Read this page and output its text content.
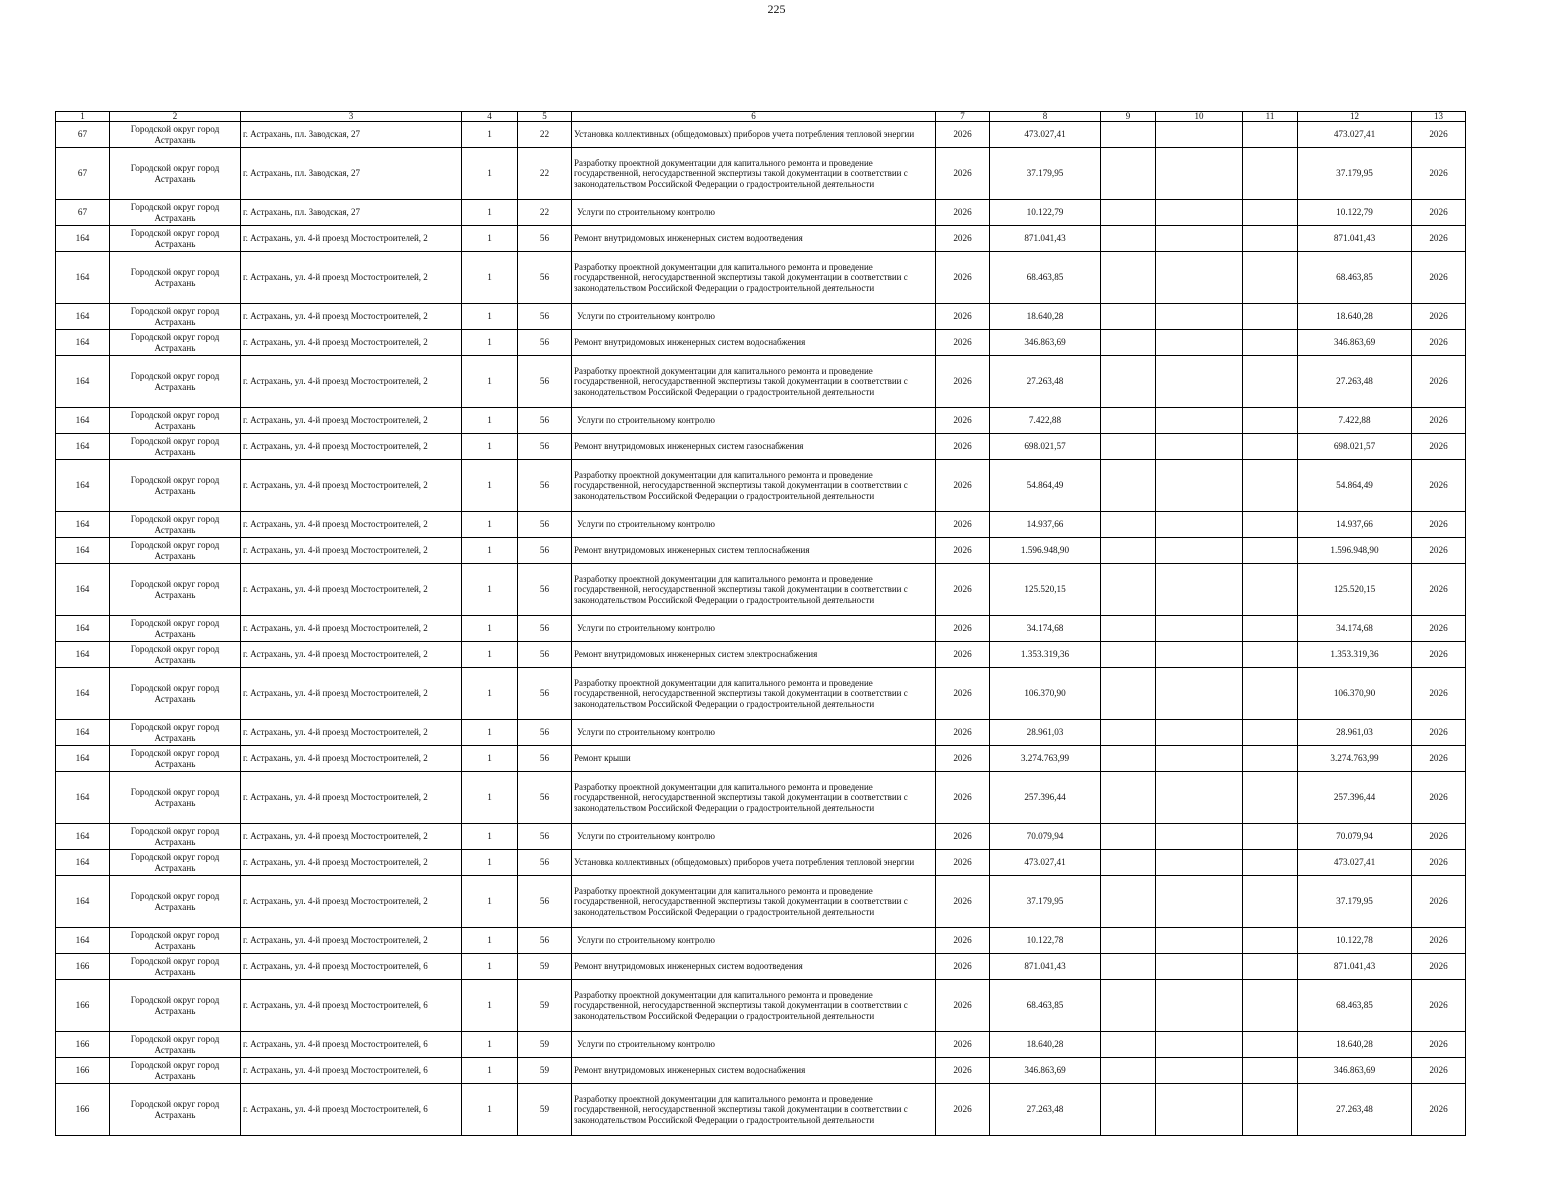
225
1	2	3	4	5	6	7	8	9	10	11	12	13
67	Городской округ город Астрахань	г. Астрахань, пл. Заводская, 27	1	22	Установка коллективных (общедомовых) приборов учета потребления тепловой энергии	2026	473.027,41				473.027,41	2026
67	Городской округ город Астрахань	г. Астрахань, пл. Заводская, 27	1	22	Разработку проектной документации для капитального ремонта и проведение государственной, негосударственной экспертизы такой документации в соответствии с законодательством Российской Федерации о градостроительной деятельности	2026	37.179,95				37.179,95	2026
67	Городской округ город Астрахань	г. Астрахань, пл. Заводская, 27	1	22	Услуги по строительному контролю	2026	10.122,79				10.122,79	2026
164	Городской округ город Астрахань	г. Астрахань, ул. 4-й проезд Мостостроителей, 2	1	56	Ремонт внутридомовых инженерных систем водоотведения	2026	871.041,43				871.041,43	2026
164	Городской округ город Астрахань	г. Астрахань, ул. 4-й проезд Мостостроителей, 2	1	56	Разработку проектной документации для капитального ремонта и проведение государственной, негосударственной экспертизы такой документации в соответствии с законодательством Российской Федерации о градостроительной деятельности	2026	68.463,85				68.463,85	2026
164	Городской округ город Астрахань	г. Астрахань, ул. 4-й проезд Мостостроителей, 2	1	56	Услуги по строительному контролю	2026	18.640,28				18.640,28	2026
164	Городской округ город Астрахань	г. Астрахань, ул. 4-й проезд Мостостроителей, 2	1	56	Ремонт внутридомовых инженерных систем водоснабжения	2026	346.863,69				346.863,69	2026
164	Городской округ город Астрахань	г. Астрахань, ул. 4-й проезд Мостостроителей, 2	1	56	Разработку проектной документации для капитального ремонта и проведение государственной, негосударственной экспертизы такой документации в соответствии с законодательством Российской Федерации о градостроительной деятельности	2026	27.263,48				27.263,48	2026
164	Городской округ город Астрахань	г. Астрахань, ул. 4-й проезд Мостостроителей, 2	1	56	Услуги по строительному контролю	2026	7.422,88				7.422,88	2026
164	Городской округ город Астрахань	г. Астрахань, ул. 4-й проезд Мостостроителей, 2	1	56	Ремонт внутридомовых инженерных систем газоснабжения	2026	698.021,57				698.021,57	2026
164	Городской округ город Астрахань	г. Астрахань, ул. 4-й проезд Мостостроителей, 2	1	56	Разработку проектной документации для капитального ремонта и проведение государственной, негосударственной экспертизы такой документации в соответствии с законодательством Российской Федерации о градостроительной деятельности	2026	54.864,49				54.864,49	2026
164	Городской округ город Астрахань	г. Астрахань, ул. 4-й проезд Мостостроителей, 2	1	56	Услуги по строительному контролю	2026	14.937,66				14.937,66	2026
164	Городской округ город Астрахань	г. Астрахань, ул. 4-й проезд Мостостроителей, 2	1	56	Ремонт внутридомовых инженерных систем теплоснабжения	2026	1.596.948,90				1.596.948,90	2026
164	Городской округ город Астрахань	г. Астрахань, ул. 4-й проезд Мостостроителей, 2	1	56	Разработку проектной документации для капитального ремонта и проведение государственной, негосударственной экспертизы такой документации в соответствии с законодательством Российской Федерации о градостроительной деятельности	2026	125.520,15				125.520,15	2026
164	Городской округ город Астрахань	г. Астрахань, ул. 4-й проезд Мостостроителей, 2	1	56	Услуги по строительному контролю	2026	34.174,68				34.174,68	2026
164	Городской округ город Астрахань	г. Астрахань, ул. 4-й проезд Мостостроителей, 2	1	56	Ремонт внутридомовых инженерных систем электроснабжения	2026	1.353.319,36				1.353.319,36	2026
164	Городской округ город Астрахань	г. Астрахань, ул. 4-й проезд Мостостроителей, 2	1	56	Разработку проектной документации для капитального ремонта и проведение государственной, негосударственной экспертизы такой документации в соответствии с законодательством Российской Федерации о градостроительной деятельности	2026	106.370,90				106.370,90	2026
164	Городской округ город Астрахань	г. Астрахань, ул. 4-й проезд Мостостроителей, 2	1	56	Услуги по строительному контролю	2026	28.961,03				28.961,03	2026
164	Городской округ город Астрахань	г. Астрахань, ул. 4-й проезд Мостостроителей, 2	1	56	Ремонт крыши	2026	3.274.763,99				3.274.763,99	2026
164	Городской округ город Астрахань	г. Астрахань, ул. 4-й проезд Мостостроителей, 2	1	56	Разработку проектной документации для капитального ремонта и проведение государственной, негосударственной экспертизы такой документации в соответствии с законодательством Российской Федерации о градостроительной деятельности	2026	257.396,44				257.396,44	2026
164	Городской округ город Астрахань	г. Астрахань, ул. 4-й проезд Мостостроителей, 2	1	56	Услуги по строительному контролю	2026	70.079,94				70.079,94	2026
164	Городской округ город Астрахань	г. Астрахань, ул. 4-й проезд Мостостроителей, 2	1	56	Установка коллективных (общедомовых) приборов учета потребления тепловой энергии	2026	473.027,41				473.027,41	2026
164	Городской округ город Астрахань	г. Астрахань, ул. 4-й проезд Мостостроителей, 2	1	56	Разработку проектной документации для капитального ремонта и проведение государственной, негосударственной экспертизы такой документации в соответствии с законодательством Российской Федерации о градостроительной деятельности	2026	37.179,95				37.179,95	2026
164	Городской округ город Астрахань	г. Астрахань, ул. 4-й проезд Мостостроителей, 2	1	56	Услуги по строительному контролю	2026	10.122,78				10.122,78	2026
166	Городской округ город Астрахань	г. Астрахань, ул. 4-й проезд Мостостроителей, 6	1	59	Ремонт внутридомовых инженерных систем водоотведения	2026	871.041,43				871.041,43	2026
166	Городской округ город Астрахань	г. Астрахань, ул. 4-й проезд Мостостроителей, 6	1	59	Разработку проектной документации для капитального ремонта и проведение государственной, негосударственной экспертизы такой документации в соответствии с законодательством Российской Федерации о градостроительной деятельности	2026	68.463,85				68.463,85	2026
166	Городской округ город Астрахань	г. Астрахань, ул. 4-й проезд Мостостроителей, 6	1	59	Услуги по строительному контролю	2026	18.640,28				18.640,28	2026
166	Городской округ город Астрахань	г. Астрахань, ул. 4-й проезд Мостостроителей, 6	1	59	Ремонт внутридомовых инженерных систем водоснабжения	2026	346.863,69				346.863,69	2026
166	Городской округ город Астрахань	г. Астрахань, ул. 4-й проезд Мостостроителей, 6	1	59	Разработку проектной документации для капитального ремонта и проведение государственной, негосударственной экспертизы такой документации в соответствии с законодательством Российской Федерации о градостроительной деятельности	2026	27.263,48				27.263,48	2026
